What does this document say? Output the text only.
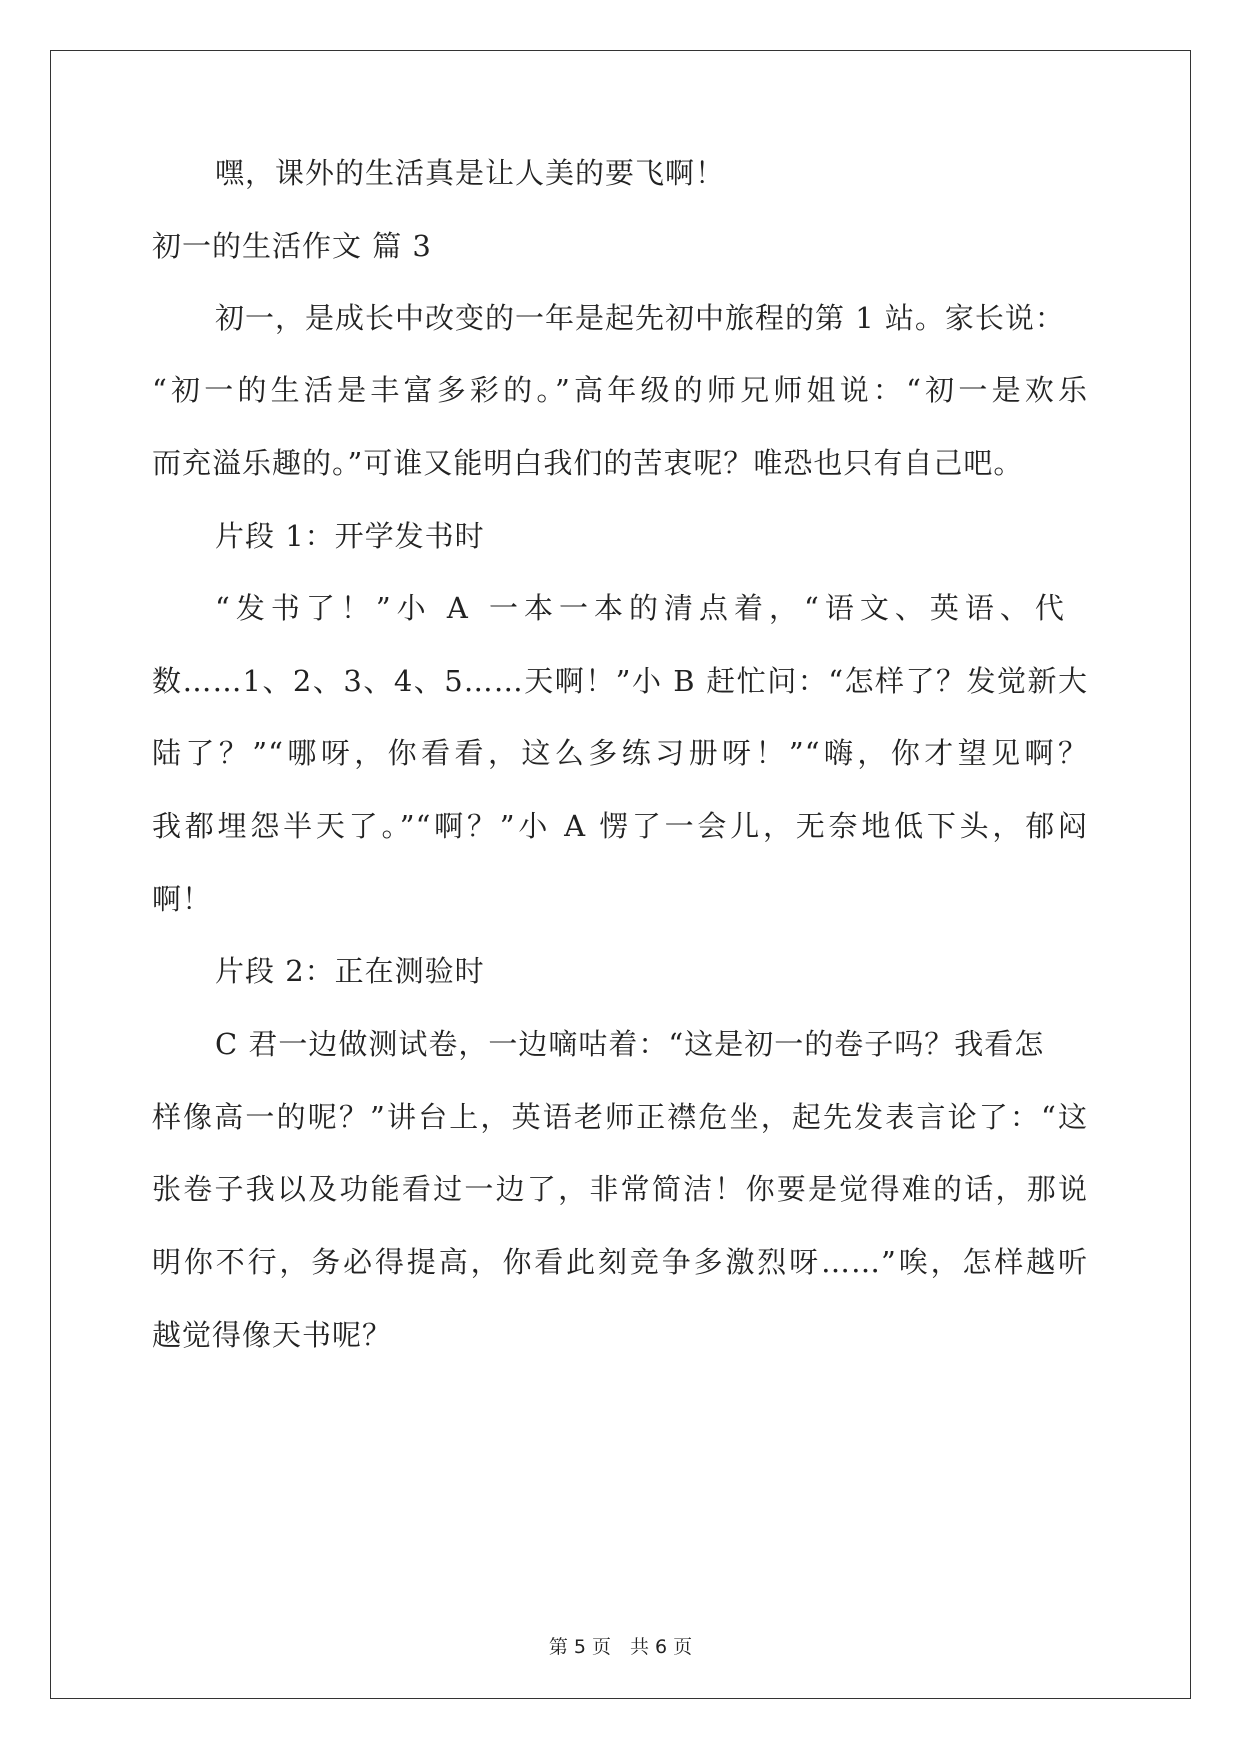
嘿，课外的生活真是让人美的要飞啊！
初一的生活作文 篇 3
初一，是成长中改变的一年是起先初中旅程的第 1 站。家长说：
“初一的生活是丰富多彩的。”高年级的师兄师姐说：“初一是欢乐
而充溢乐趣的。”可谁又能明白我们的苦衷呢？唯恐也只有自己吧。
片段 1：开学发书时
“发书了！”小 A 一本一本的清点着，“语文、英语、代
数……1、2、3、4、5……天啊！”小 B 赶忙问：“怎样了？发觉新大
陆了？”“哪呀，你看看，这么多练习册呀！”“嗨，你才望见啊？
我都埋怨半天了。”“啊？”小 A 愣了一会儿，无奈地低下头，郁闷
啊！
片段 2：正在测验时
C 君一边做测试卷，一边嘀咕着：“这是初一的卷子吗？我看怎
样像高一的呢？”讲台上，英语老师正襟危坐，起先发表言论了：“这
张卷子我以及功能看过一边了，非常简洁！你要是觉得难的话，那说
明你不行，务必得提高，你看此刻竞争多激烈呀……”唉，怎样越听
越觉得像天书呢？
第 5 页　共 6 页
